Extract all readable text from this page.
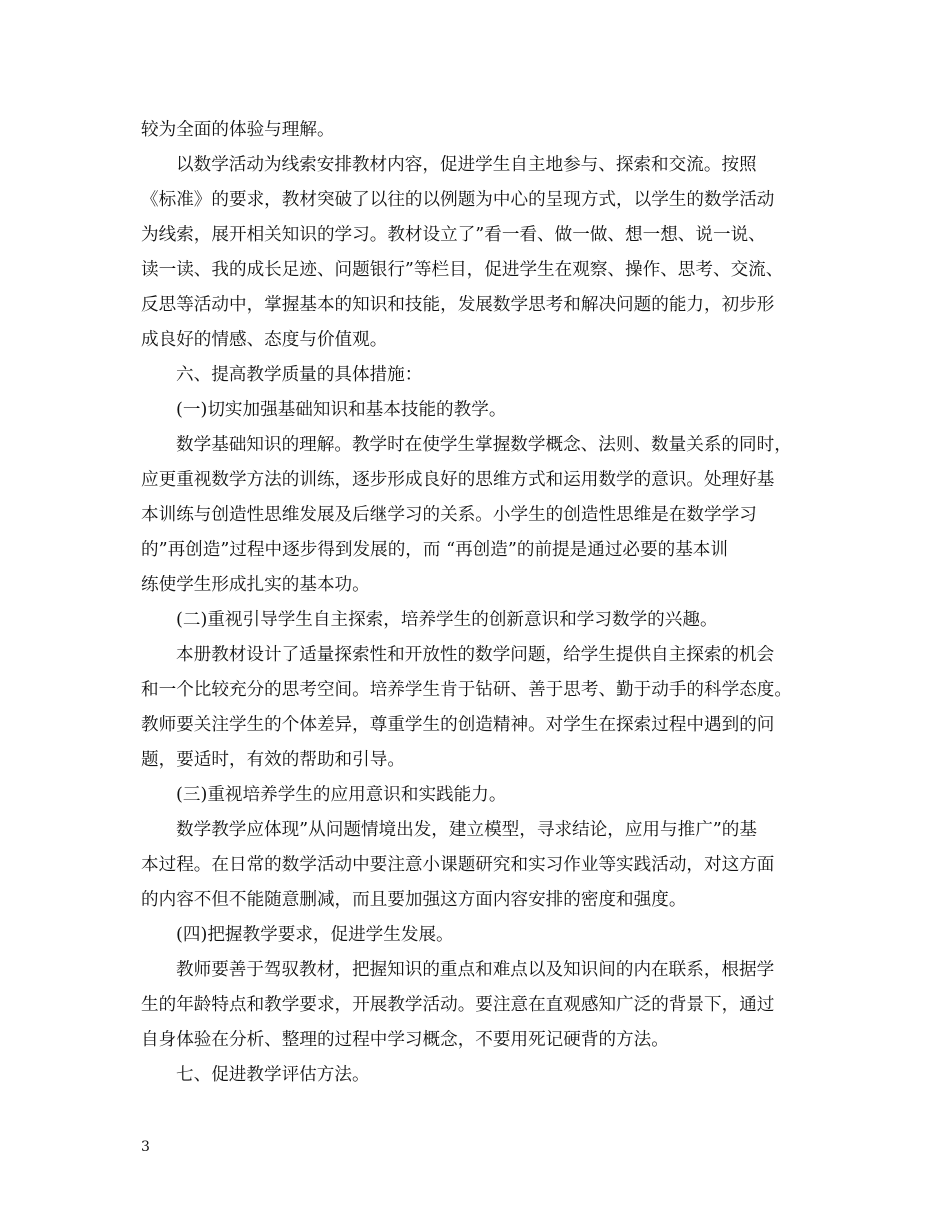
较为全面的体验与理解。
以数学活动为线索安排教材内容，促进学生自主地参与、探索和交流。按照
《标准》的要求，教材突破了以往的以例题为中心的呈现方式，以学生的数学活动
为线索，展开相关知识的学习。教材设立了”看一看、做一做、想一想、说一说、
读一读、我的成长足迹、问题银行”等栏目，促进学生在观察、操作、思考、交流、
反思等活动中，掌握基本的知识和技能，发展数学思考和解决问题的能力，初步形
成良好的情感、态度与价值观。
六、提高教学质量的具体措施：
(一)切实加强基础知识和基本技能的教学。
数学基础知识的理解。教学时在使学生掌握数学概念、法则、数量关系的同时，
应更重视数学方法的训练，逐步形成良好的思维方式和运用数学的意识。处理好基
本训练与创造性思维发展及后继学习的关系。小学生的创造性思维是在数学学习
的”再创造”过程中逐步得到发展的，而 “再创造”的前提是通过必要的基本训
练使学生形成扎实的基本功。
(二)重视引导学生自主探索，培养学生的创新意识和学习数学的兴趣。
本册教材设计了适量探索性和开放性的数学问题，给学生提供自主探索的机会
和一个比较充分的思考空间。培养学生肯于钻研、善于思考、勤于动手的科学态度。
教师要关注学生的个体差异，尊重学生的创造精神。对学生在探索过程中遇到的问
题，要适时，有效的帮助和引导。
(三)重视培养学生的应用意识和实践能力。
数学教学应体现”从问题情境出发，建立模型，寻求结论，应用与推广”的基
本过程。在日常的数学活动中要注意小课题研究和实习作业等实践活动，对这方面
的内容不但不能随意删减，而且要加强这方面内容安排的密度和强度。
(四)把握教学要求，促进学生发展。
教师要善于驾驭教材，把握知识的重点和难点以及知识间的内在联系，根据学
生的年龄特点和教学要求，开展教学活动。要注意在直观感知广泛的背景下，通过
自身体验在分析、整理的过程中学习概念，不要用死记硬背的方法。
七、促进教学评估方法。
3
